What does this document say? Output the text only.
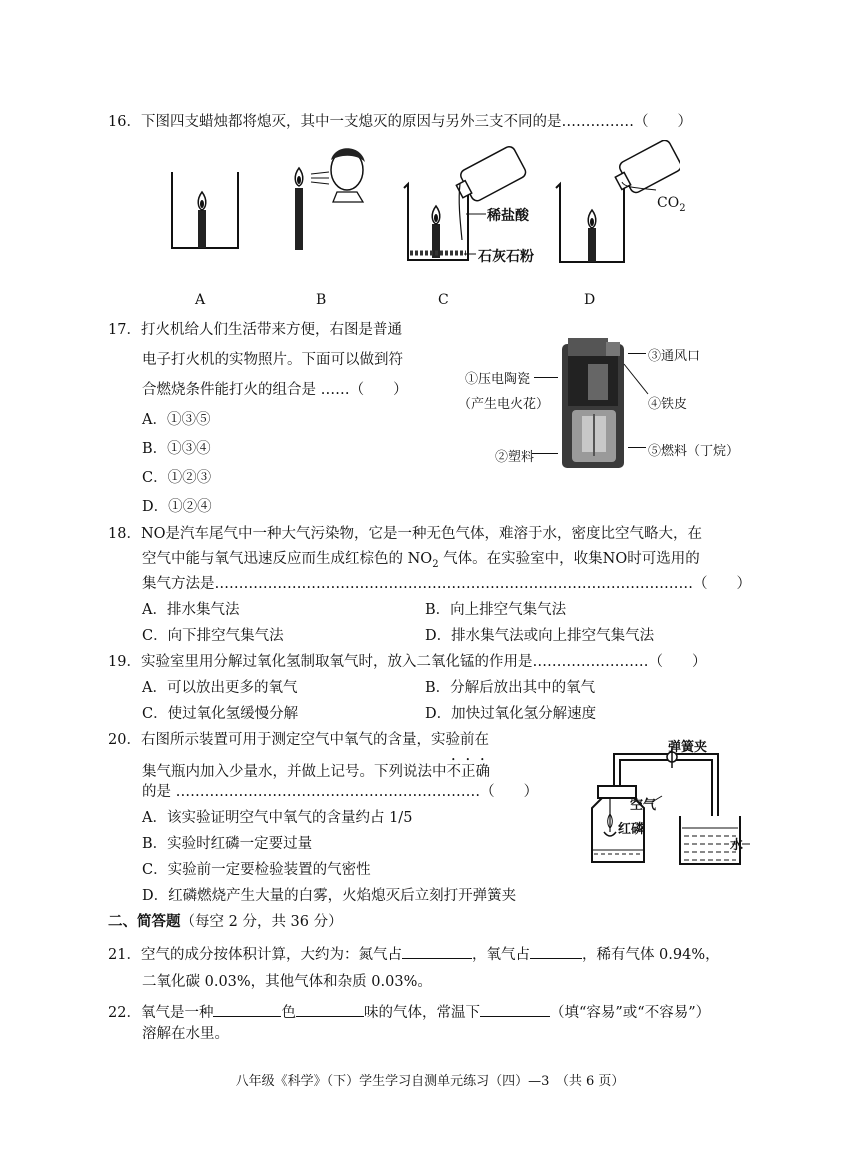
16．下图四支蜡烛都将熄灭，其中一支熄灭的原因与另外三支不同的是……………（　　）
稀盐酸
石灰石粉
$CO_2$
A	B	C	D
17．打火机给人们生活带来方便，右图是普通
电子打火机的实物照片。下面可以做到符
合燃烧条件能打火的组合是 ……（　　）
A．①③⑤
B．①③④
C．①②③
D．①②④
①压电陶瓷
（产生电火花）
②塑料
③通风口
④铁皮
⑤燃料（丁烷）
18．NO是汽车尾气中一种大气污染物，它是一种无色气体，难溶于水，密度比空气略大，在
空气中能与氧气迅速反应而生成红棕色的 $NO_2$ 气体。在实验室中，收集NO时可选用的
集气方法是………………………………………………………………………………………（　　）
A．排水集气法	B．向上排空气集气法
C．向下排空气集气法	D．排水集气法或向上排空气集气法
19．实验室里用分解过氧化氢制取氧气时，放入二氧化锰的作用是……………………（　　）
A．可以放出更多的氧气	B．分解后放出其中的氧气
C．使过氧化氢缓慢分解	D．加快过氧化氢分解速度
20．右图所示装置可用于测定空气中氧气的含量，实验前在
集气瓶内加入少量水，并做上记号。下列说法中不正确
的是 ………………………………………………………（　　）
A．该实验证明空气中氧气的含量约占 1/5
B．实验时红磷一定要过量
C．实验前一定要检验装置的气密性
D．红磷燃烧产生大量的白雾，火焰熄灭后立刻打开弹簧夹
弹簧夹
空气
红磷
水
二、简答题（每空 2 分，共 36 分）
21．空气的成分按体积计算，大约为：氮气占	，氧气占	，稀有气体 0.94%，
二氧化碳 0.03%，其他气体和杂质 0.03%。
22．氧气是一种	色	味的气体，常温下	（填“容易”或“不容易”）
溶解在水里。
八年级《科学》（下）学生学习自测单元练习（四）—3　（共 6 页）
